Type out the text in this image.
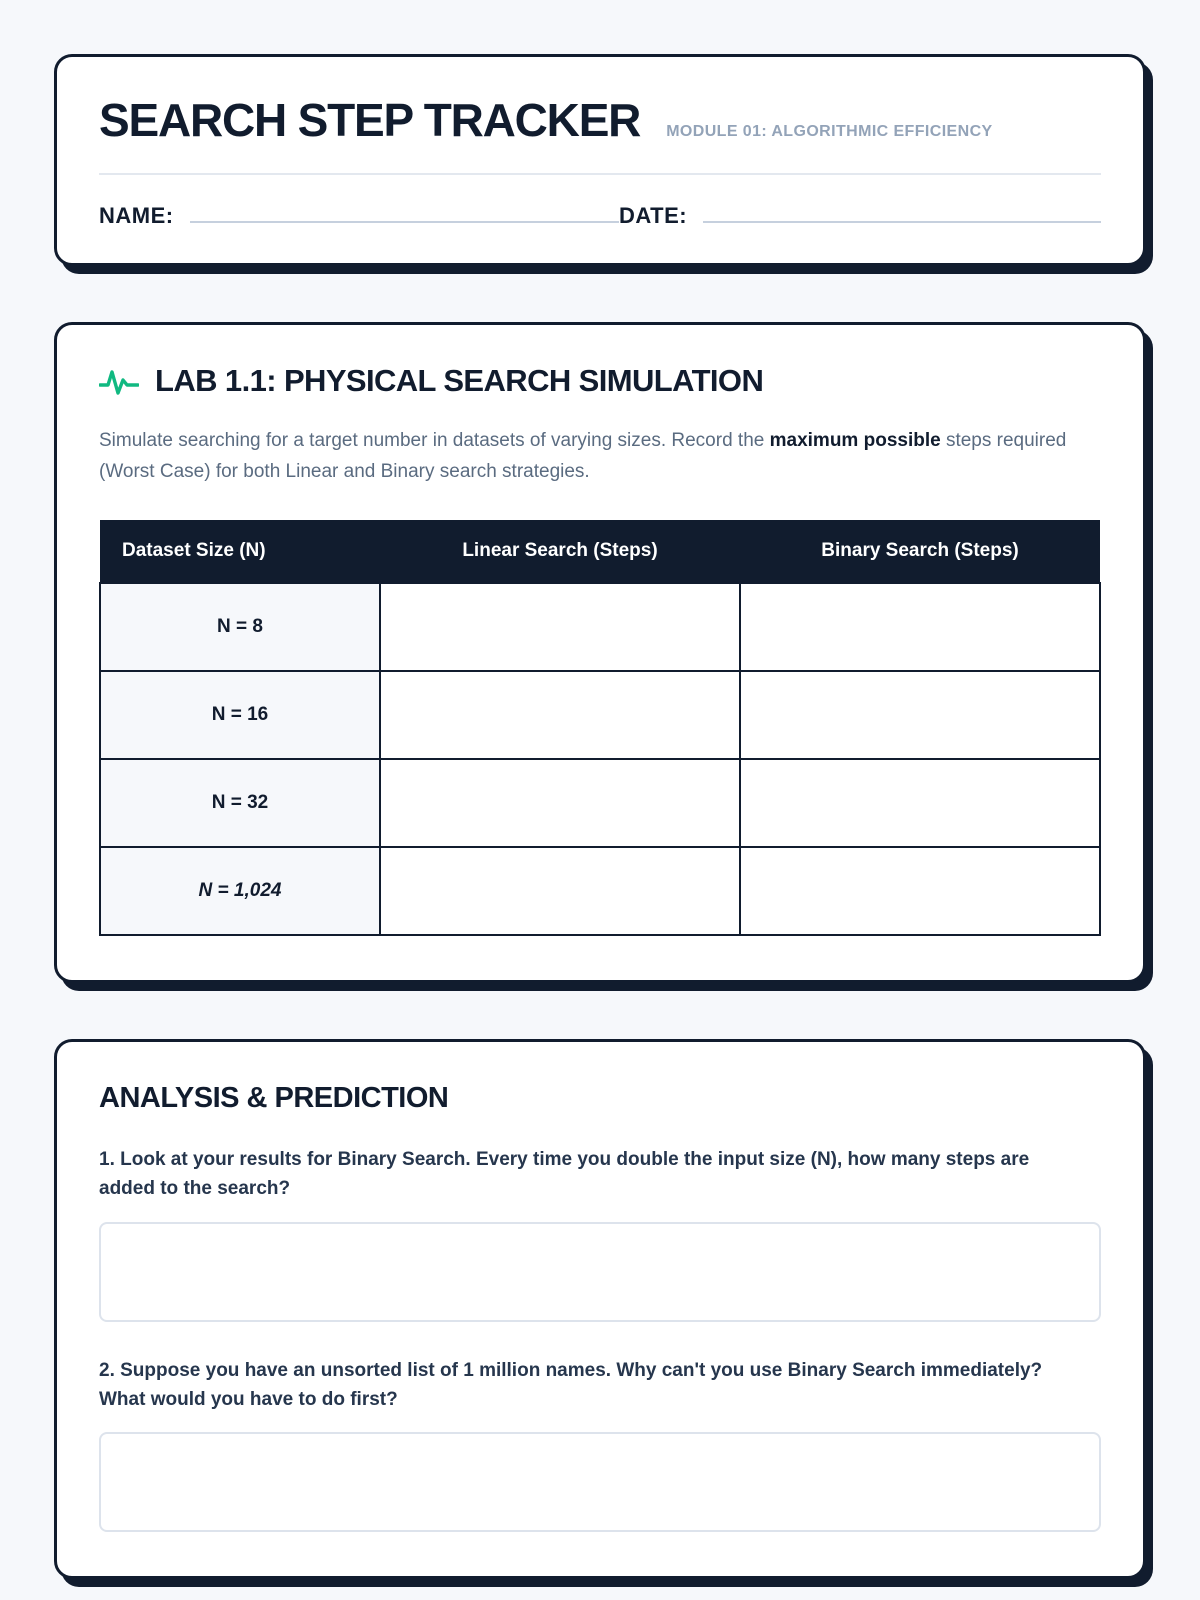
SEARCH STEP TRACKER MODULE 01: ALGORITHMIC EFFICIENCY
NAME:	DATE:
LAB 1.1: PHYSICAL SEARCH SIMULATION

Simulate searching for a target number in datasets of varying sizes. Record the maximum possible steps required (Worst Case) for both Linear and Binary search strategies.

Dataset Size (N)	Linear Search (Steps)	Binary Search (Steps)
N = 8		
N = 16		
N = 32		
N = 1,024		
ANALYSIS & PREDICTION

1. Look at your results for Binary Search. Every time you double the input size (N), how many steps are added to the search?

2. Suppose you have an unsorted list of 1 million names. Why can't you use Binary Search immediately? What would you have to do first?
